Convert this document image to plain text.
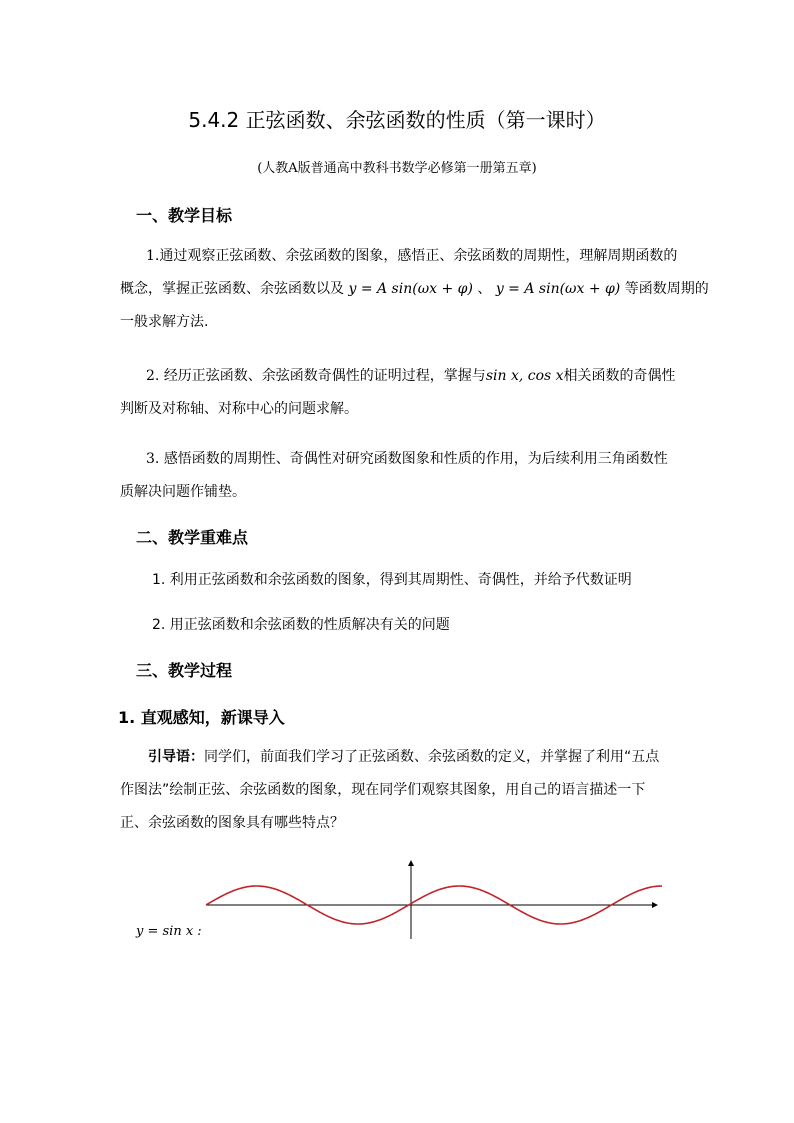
5.4.2 正弦函数、余弦函数的性质（第一课时）

(人教A版普通高中教科书数学必修第一册第五章)

一、教学目标

1.通过观察正弦函数、余弦函数的图象，感悟正、余弦函数的周期性，理解周期函数的
概念，掌握正弦函数、余弦函数以及 y = A sin(ωx + φ) 、 y = A sin(ωx + φ) 等函数周期的
一般求解方法.
2. 经历正弦函数、余弦函数奇偶性的证明过程，掌握与sin x, cos x相关函数的奇偶性
判断及对称轴、对称中心的问题求解。
3. 感悟函数的周期性、奇偶性对研究函数图象和性质的作用，为后续利用三角函数性
质解决问题作铺垫。

二、教学重难点

1. 利用正弦函数和余弦函数的图象，得到其周期性、奇偶性，并给予代数证明

2. 用正弦函数和余弦函数的性质解决有关的问题

三、教学过程

1. 直观感知，新课导入

引导语：同学们，前面我们学习了正弦函数、余弦函数的定义，并掌握了利用“五点
作图法”绘制正弦、余弦函数的图象，现在同学们观察其图象，用自己的语言描述一下
正、余弦函数的图象具有哪些特点？

y = sin x :
